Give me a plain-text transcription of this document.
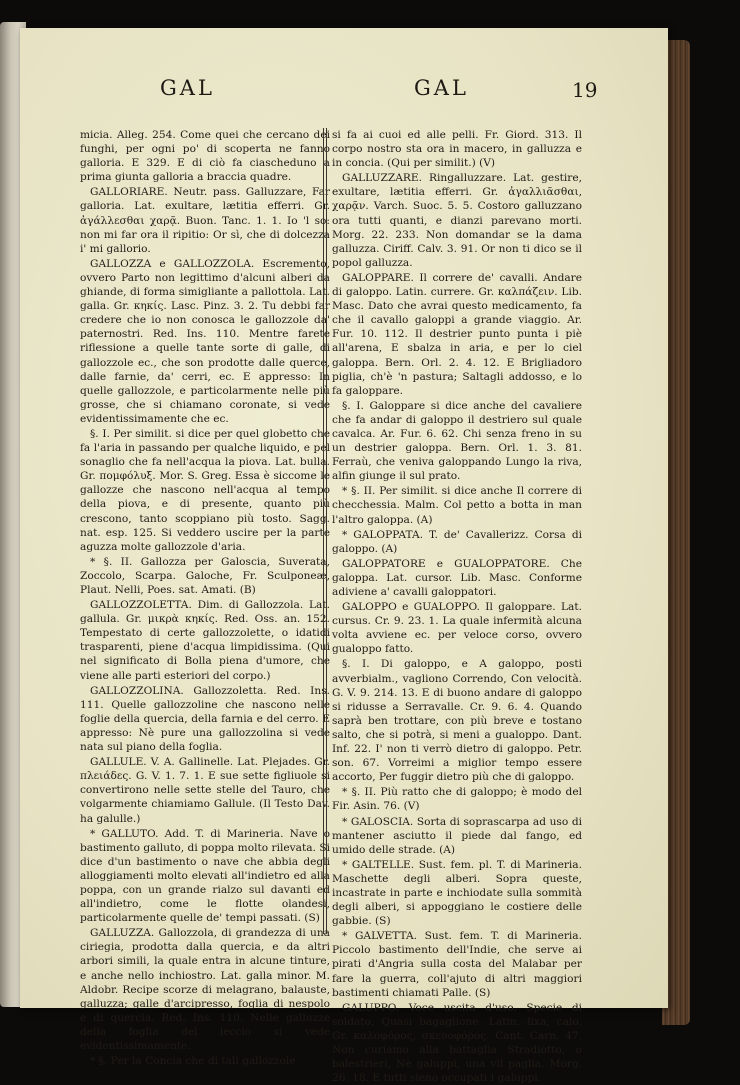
GAL	GAL	19

micia. Alleg. 254. Come quei che cercano dei funghi, per ogni po' di scoperta ne fanno galloria. E 329. E di ciò fa ciascheduno a prima giunta galloria a braccia quadre.

GALLORIARE. Neutr. pass. Galluzzare, Far galloria. Lat. exultare, lætitia efferri. Gr. ἀγάλλεσθαι χαρᾷ. Buon. Tanc. 1. 1. Io 'l so: non mi far ora il ripitio: Or sì, che di dolcezza i' mi gallorio.

GALLOZZA e GALLOZZOLA. Escremento, ovvero Parto non legittimo d'alcuni alberi da ghiande, di forma simigliante a pallottola. Lat. galla. Gr. κηκίς. Lasc. Pinz. 3. 2. Tu debbi far credere che io non conosca le gallozzole da' paternostri. Red. Ins. 110. Mentre farete riflessione a quelle tante sorte di galle, di gallozzole ec., che son prodotte dalle querce, dalle farnie, da' cerri, ec. E appresso: In quelle gallozzole, e particolarmente nelle più grosse, che si chiamano coronate, si vede evidentissimamente che ec.

§. I. Per similit. si dice per quel globetto che fa l'aria in passando per qualche liquido, e pel sonaglio che fa nell'acqua la piova. Lat. bulla. Gr. πομφόλυξ. Mor. S. Greg. Essa è siccome le gallozze che nascono nell'acqua al tempo della piova, e di presente, quanto più crescono, tanto scoppiano più tosto. Sagg. nat. esp. 125. Si veddero uscire per la parte aguzza molte gallozzole d'aria.

* §. II. Gallozza per Galoscia, Suverata, Zoccolo, Scarpa. Galoche, Fr. Sculponeæ, Plaut. Nelli, Poes. sat. Amati. (B)

GALLOZZOLETTA. Dim. di Gallozzola. Lat. gallula. Gr. μικρὰ κηκίς. Red. Oss. an. 152. Tempestato di certe gallozzolette, o idatidi trasparenti, piene d'acqua limpidissima. (Qui nel significato di Bolla piena d'umore, che viene alle parti esteriori del corpo.)

GALLOZZOLINA. Gallozzoletta. Red. Ins. 111. Quelle gallozzoline che nascono nelle foglie della quercia, della farnia e del cerro. E appresso: Nè pure una gallozzolina si vede nata sul piano della foglia.

GALLULE. V. A. Gallinelle. Lat. Plejades. Gr. πλειάδες. G. V. 1. 7. 1. E sue sette figliuole si convertirono nelle sette stelle del Tauro, che volgarmente chiamiamo Gallule. (Il Testo Dav. ha galulle.)

* GALLUTO. Add. T. di Marineria. Nave o bastimento galluto, di poppa molto rilevata. Si dice d'un bastimento o nave che abbia degli alloggiamenti molto elevati all'indietro ed alla poppa, con un grande rialzo sul davanti ed all'indietro, come le flotte olandesi, particolarmente quelle de' tempi passati. (S)

GALLUZZA. Gallozzola, di grandezza di una ciriegia, prodotta dalla quercia, e da altri arbori simili, la quale entra in alcune tinture, e anche nello inchiostro. Lat. galla minor. M. Aldobr. Recipe scorze di melagrano, balauste, galluzza; galle d'arcipresso, foglia di nespolo e di quercia. Red. Ins. 110. Nelle galluzze della foglia del leccio si vede evidentissimamente.

* §. Per la Concia che di tali gallozzole

si fa ai cuoi ed alle pelli. Fr. Giord. 313. Il corpo nostro sta ora in macero, in galluzza e in concia. (Qui per similit.) (V)

GALLUZZARE. Ringalluzzare. Lat. gestire, exultare, lætitia efferri. Gr. ἀγαλλιᾶσθαι, χαρᾷν. Varch. Suoc. 5. 5. Costoro galluzzano ora tutti quanti, e dianzi parevano morti. Morg. 22. 233. Non domandar se la dama galluzza. Ciriff. Calv. 3. 91. Or non ti dico se il popol galluzza.

GALOPPARE. Il correre de' cavalli. Andare di galoppo. Latin. currere. Gr. καλπάζειν. Lib. Masc. Dato che avrai questo medicamento, fa che il cavallo galoppi a grande viaggio. Ar. Fur. 10. 112. Il destrier punto punta i piè all'arena, E sbalza in aria, e per lo ciel galoppa. Bern. Orl. 2. 4. 12. E Brigliadoro piglia, ch'è 'n pastura; Saltagli addosso, e lo fa galoppare.

§. I. Galoppare si dice anche del cavaliere che fa andar di galoppo il destriero sul quale cavalca. Ar. Fur. 6. 62. Chi senza freno in su un destrier galoppa. Bern. Orl. 1. 3. 81. Ferraù, che veniva galoppando Lungo la riva, alfin giunge il sul prato.

* §. II. Per similit. si dice anche Il correre di checchessia. Malm. Col petto a botta in man l'altro galoppa. (A)

* GALOPPATA. T. de' Cavallerizz. Corsa di galoppo. (A)

GALOPPATORE e GUALOPPATORE. Che galoppa. Lat. cursor. Lib. Masc. Conforme adiviene a' cavalli galoppatori.

GALOPPO e GUALOPPO. Il galoppare. Lat. cursus. Cr. 9. 23. 1. La quale infermità alcuna volta avviene ec. per veloce corso, ovvero gualoppo fatto.

§. I. Di galoppo, e A galoppo, posti avverbialm., vagliono Correndo, Con velocità. G. V. 9. 214. 13. E di buono andare di galoppo si ridusse a Serravalle. Cr. 9. 6. 4. Quando saprà ben trottare, con più breve e tostano salto, che si potrà, si meni a gualoppo. Dant. Inf. 22. I' non ti verrò dietro di galoppo. Petr. son. 67. Vorreimi a miglior tempo essere accorto, Per fuggir dietro più che di galoppo.

* §. II. Più ratto che di galoppo; è modo del Fir. Asin. 76. (V)

* GALOSCIA. Sorta di soprascarpa ad uso di mantener asciutto il piede dal fango, ed umido delle strade. (A)

* GALTELLE. Sust. fem. pl. T. di Marineria. Maschette degli alberi. Sopra queste, incastrate in parte e inchiodate sulla sommità degli alberi, si appoggiano le costiere delle gabbie. (S)

* GALVETTA. Sust. fem. T. di Marineria. Piccolo bastimento dell'Indie, che serve ai pirati d'Angria sulla costa del Malabar per fare la guerra, coll'ajuto di altri maggiori bastimenti chiamati Palle. (S)

GALUPPO. Voce uscita d'uso. Specie di soldato, Quasi bagaglione. Latin. lixa, calo. Gr. καλοφόρος, σκευοφόρος. Cant. Carn. 47. Non curiamo alla battaglia Stradiotto, o balestrieri, Nè galuppi, una vil paglia. Morg. 26. 18. E tutti sieno occupati i galuppi.
